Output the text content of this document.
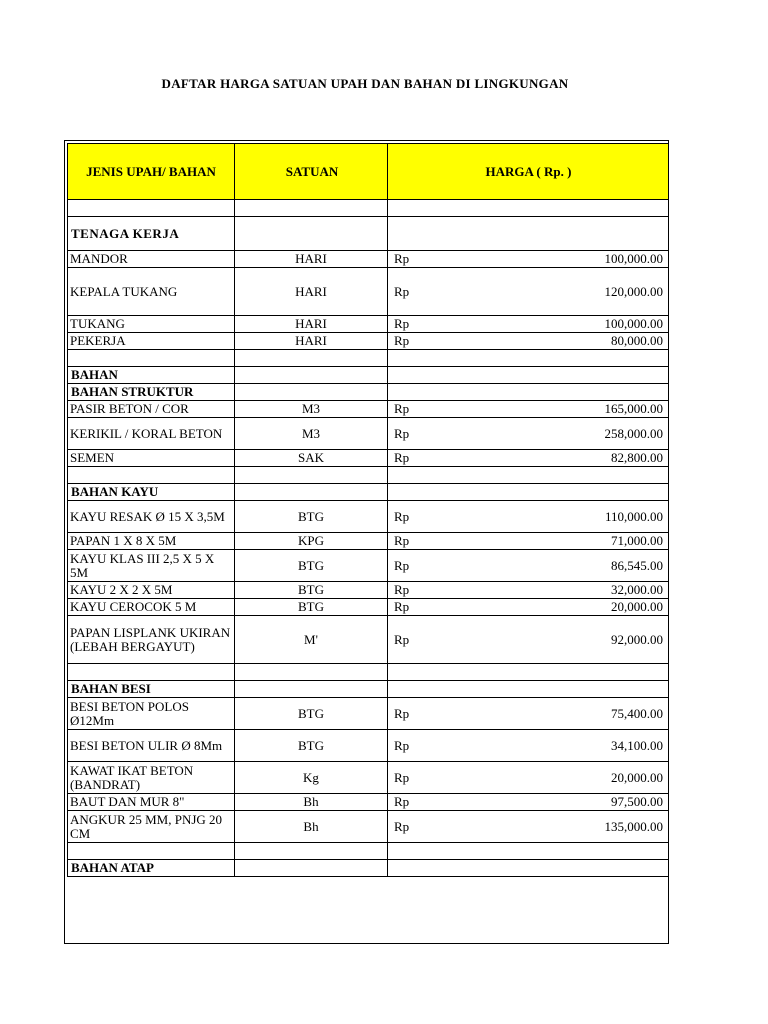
DAFTAR HARGA SATUAN UPAH DAN BAHAN DI LINGKUNGAN
JENIS UPAH/ BAHAN	SATUAN	HARGA ( Rp. )

TENAGA KERJA		
MANDOR	HARI	Rp 100,000.00

KEPALA TUKANG	HARI	Rp 120,000.00

TUKANG	HARI	Rp 100,000.00

PEKERJA	HARI	Rp 80,000.00

BAHAN		
BAHAN STRUKTUR		
PASIR BETON / COR	M3	Rp 165,000.00

KERIKIL / KORAL BETON	M3	Rp 258,000.00

SEMEN	SAK	Rp 82,800.00

BAHAN KAYU		
KAYU RESAK Ø 15 X 3,5M	BTG	Rp 110,000.00

PAPAN 1 X 8 X 5M	KPG	Rp 71,000.00

KAYU KLAS III 2,5 X 5 X 5M	BTG	Rp 86,545.00

KAYU 2 X 2 X 5M	BTG	Rp 32,000.00

KAYU CEROCOK 5 M	BTG	Rp 20,000.00

PAPAN LISPLANK UKIRAN (LEBAH BERGAYUT)	M'	Rp 92,000.00

BAHAN BESI		
BESI BETON POLOS Ø12Mm	BTG	Rp 75,400.00

BESI BETON ULIR Ø 8Mm	BTG	Rp 34,100.00

KAWAT IKAT BETON (BANDRAT)	Kg	Rp 20,000.00

BAUT DAN MUR 8"	Bh	Rp 97,500.00

ANGKUR 25 MM, PNJG 20 CM	Bh	Rp 135,000.00

BAHAN ATAP		
